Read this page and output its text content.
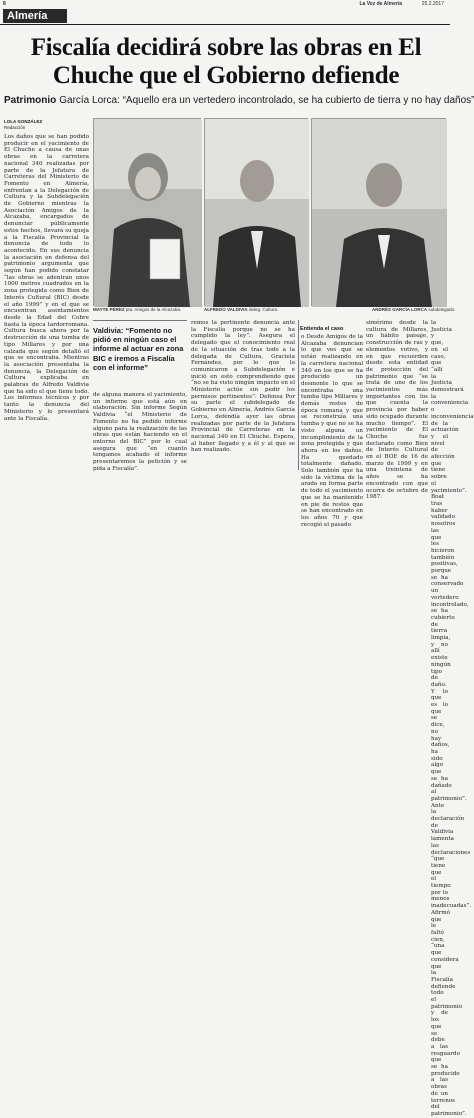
8	La Voz de Almería	25.2.2017
Almería
Fiscalía decidirá sobre las obras en El Chuche que el Gobierno defiende
Patrimonio García Lorca: “Aquello era un vertedero incontrolado, se ha cubierto de tierra y no hay daños”
LOLA GONZÁLEZ
Redacción
Los daños que se han podido producir en el yacimiento de El Chuche a causa de unas obras en la carretera nacional 340 realizadas por parte de la Jefatura de Carreteras del Ministerio de Fomento en Almería, enfrentan a la Delegación de Cultura y la Subdelegación de Gobierno mientras la Asociación Amigos de la Alcazaba, encargados de denunciar públicamente estos hechos, llevará su queja a la Fiscalía Provincial la denuncia de todo lo acontecido. En sus denuncia la asociación en defensa del patrimonio argumenta que según han podido constatar “las obras se adentran unos 1000 metros cuadrados en la zona protegida como Bien de Interés Cultural (BIC) desde el año 1999” y en el que se encuentran asentamientos desde la Edad del Cobre hasta la época tardorromana. Cultura busca ahora por la destrucción de una tumba de tipo Millares y por una calzada que según detalló el que se encontraba. Mientras la asociación presentaba la denuncia, la Delegación de Cultura explicaba en palabras de Alfredo Valdivia que ha sido el que tiene todo. Los informes técnicos y por tanto la denuncia del Ministerio y lo presentará ante la Fiscalía.
MAYTE PÉREZ pta. Amigos de la Alcazaba.	ALFREDO VALDIVIA deleg. Cultura.	ANDRÉS GARCÍA LORCA subdelegado.
Valdivia: “Fomento no pidió en ningún caso el informe al actuar en zona BIC e iremos a Fiscalía con el informe”
de alguna manera el yacimiento, un informe que está aún en elaboración. Sin informe Según Valdivia “el Ministerio de Fomento no ha pedido informe alguno para la realización de las obras que están haciendo en el entorno del BIC” por lo cual asegura que “en cuanto tengamos acabado el informe presentaremos la petición y se pida a Fiscalía”.
remos la pertinente denuncia ante la Fiscalía porque no se ha cumplido la ley”. Asegura el delegado que el conocimiento real de la situación de tras todo a la delegada de Cultura, Graciela Fernández, por lo que lo comunicaron a Subdelegación e inició en esto comprendiendo que “no se ha visto ningún impacto en el Ministerio actúe sin pedir los permisos pertinentes”. Defensa Por su parte el subdelegado de Gobierno en Almería, Andrés García Lorca, defendía ayer las obras realizadas por parte de la Jefatura Provincial de Carreteras en la nacional 340 en El Chuche. Espera, al haber llegado y a él y al que se han realizado.
Entienda el caso
o Desde Amigos de la Alcazaba denuncian lo que ves que se están realizando en la carretera nacional 340 en los que se ha producido un desmonte lo que se encontraba una tumba tipo Millares y demás restos de época romana y que se reconstruía una tumba y que no se ha visto alguna un incumplimiento de la zona protegida y que ahora en los daños. Ha quedado totalmente dañado. Solo también que ha sido la víctima de la arada en forma parte de todo el yacimiento que se ha mantenido en pie de restos que se han encontrado en los años 70 y que recogió el pasado
simérimo desde la cultura de Millares, un hábito paisaje, construcción de ras y elementos votivo, y en que recuerden desde esta entidad de protección del patrimonio que “se trata de uno de los yacimientos más importantes con los que cuenta la provincia por haber sido ocupado durante mucho tiempo”. El yacimiento de El Chuche fue declarado como Bien de Interés Cultural en el BOE de 16 de marzo de 1999 y en una treintena de años se ha encontrado con que ocurra de octubre de 1987.
la Justicia y que, en el caso, que “allí la Justicia demostrará la conveniencia o inconveniencia de la actuación y el nivel de afección que tiene sobre el yacimiento”. Boat tras haber validado nosotros las que les hicieron también positivas, porque se ha conservado un vertedero incontrolado, se ha cubierto de tierra limpia, y no allí existe ningún tipo de daño. Y lo que es lo que se dice, no hay daños, ha sido algo que se ha dañado al patrimonio”. Ante la declaración de Valdivia lamenta las declaraciones “que tiene que el tiempo por lo menos inadecuadas”. Afirmó que le faltó cien, “una que considera que la Fiscalía defiende todo el patrimonio y de los que se debe a las resguardo que se ha producido a las obras de un terrenos del patrimonio”.
